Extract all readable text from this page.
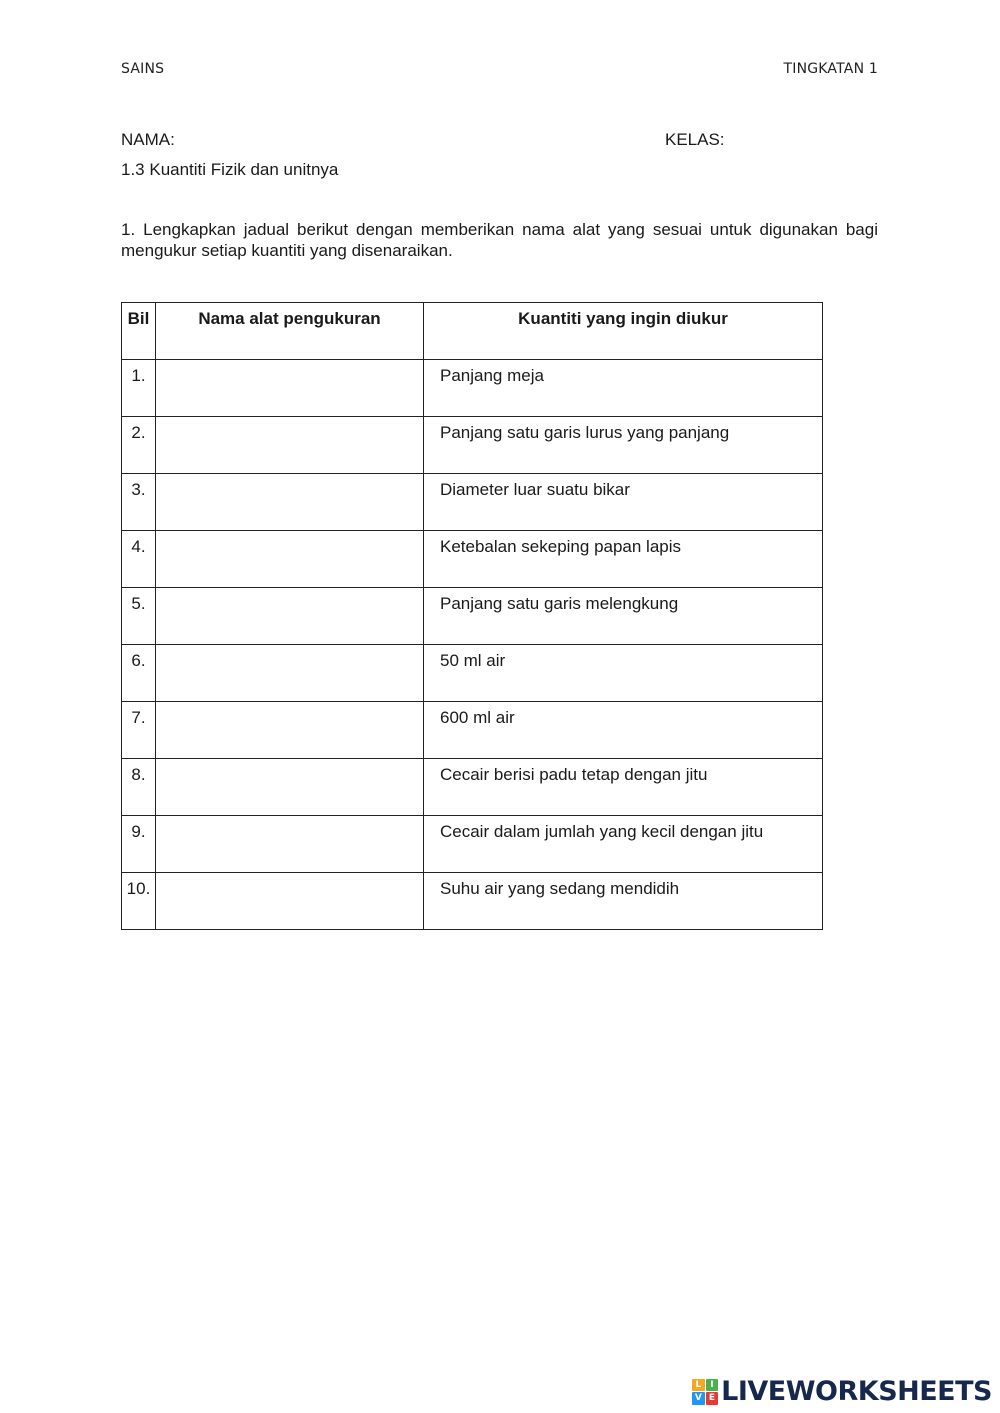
SAINS	TINGKATAN 1
NAMA:	KELAS:
1.3 Kuantiti Fizik dan unitnya
1. Lengkapkan jadual berikut dengan memberikan nama alat yang sesuai untuk digunakan bagi mengukur setiap kuantiti yang disenaraikan.
Bil	Nama alat pengukuran	Kuantiti yang ingin diukur
1.		Panjang meja
2.		Panjang satu garis lurus yang panjang
3.		Diameter luar suatu bikar
4.		Ketebalan sekeping papan lapis
5.		Panjang satu garis melengkung
6.		50 ml air
7.		600 ml air
8.		Cecair berisi padu tetap dengan jitu
9.		Cecair dalam jumlah yang kecil dengan jitu
10.		Suhu air yang sedang mendidih
L I
V E LIVEWORKSHEETS
